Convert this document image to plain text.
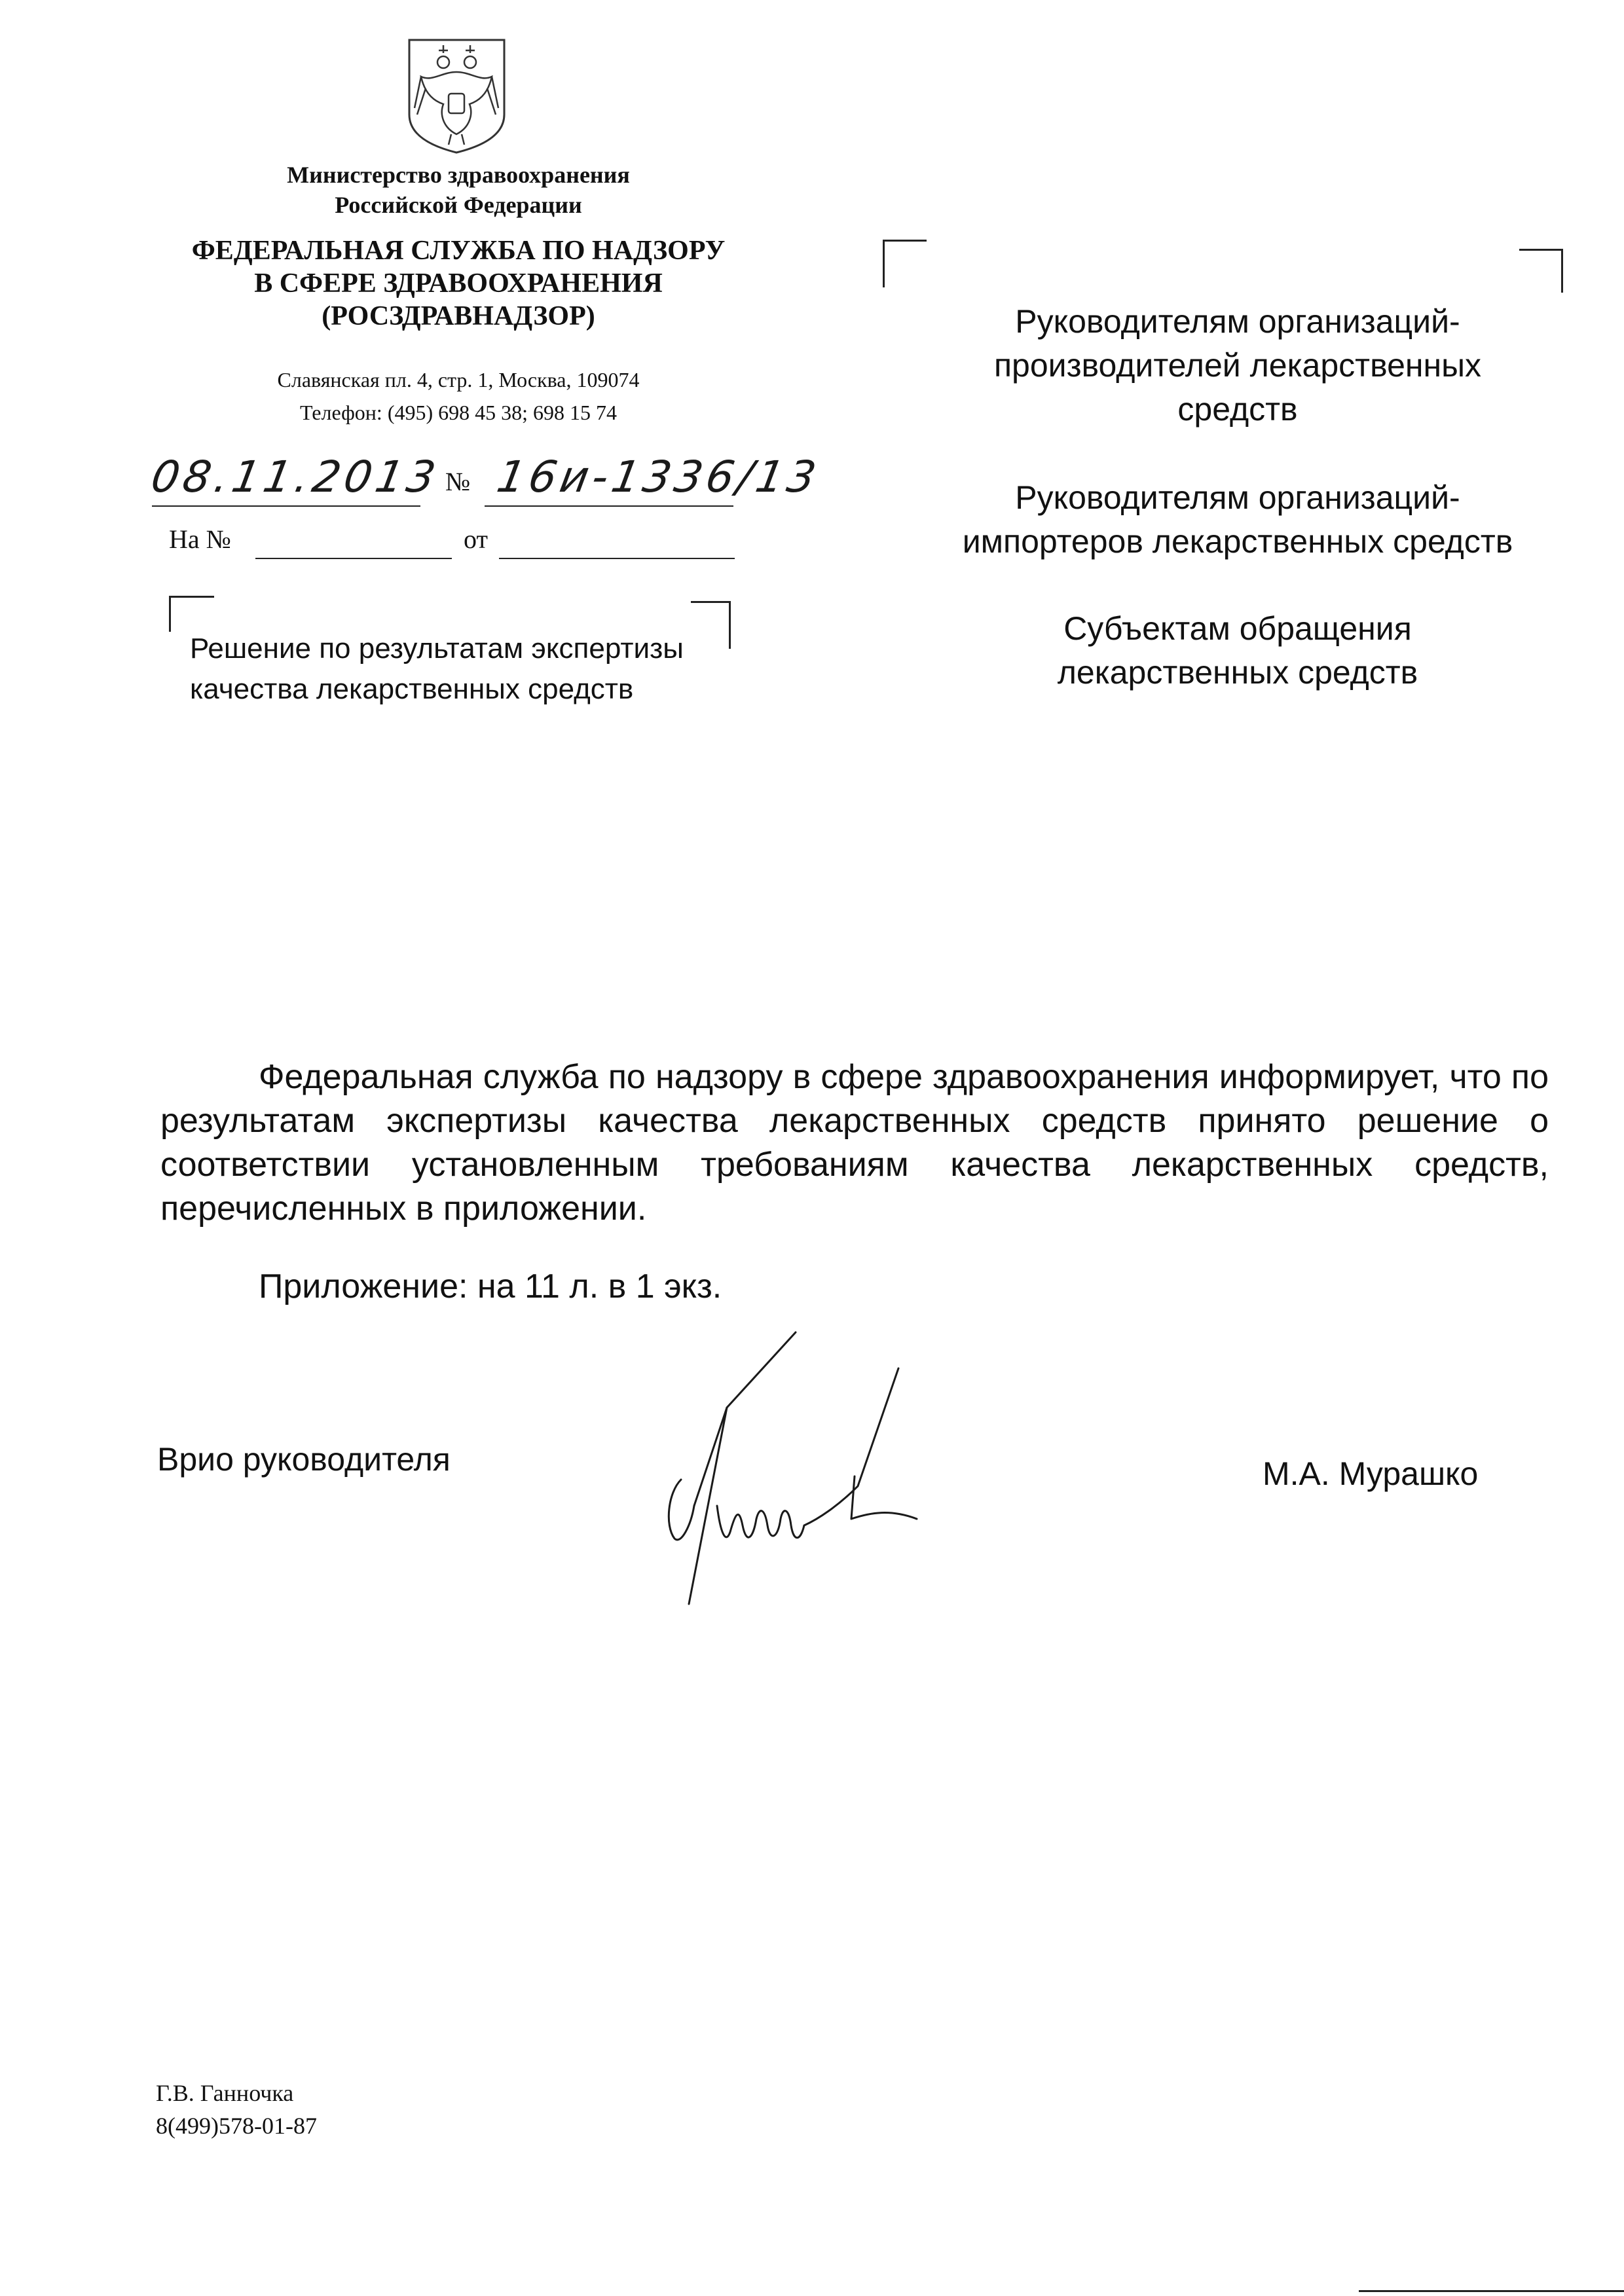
Министерство здравоохранения
Российской Федерации
ФЕДЕРАЛЬНАЯ СЛУЖБА ПО НАДЗОРУ
В СФЕРЕ ЗДРАВООХРАНЕНИЯ
(РОСЗДРАВНАДЗОР)
Славянская пл. 4, стр. 1, Москва, 109074
Телефон: (495) 698 45 38; 698 15 74
08.11.2013 № 16и-1336/13
На №	от
Решение по результатам экспертизы
качества лекарственных средств
Руководителям организаций-
производителей лекарственных
средств
Руководителям организаций-
импортеров лекарственных средств
Субъектам обращения
лекарственных средств
Федеральная служба по надзору в сфере здравоохранения информирует, что по результатам экспертизы качества лекарственных средств принято решение о соответствии установленным требованиям качества лекарственных средств, перечисленных в приложении.
Приложение: на 11 л. в 1 экз.
Врио руководителя	М.А. Мурашко
Г.В. Ганночка
8(499)578-01-87
